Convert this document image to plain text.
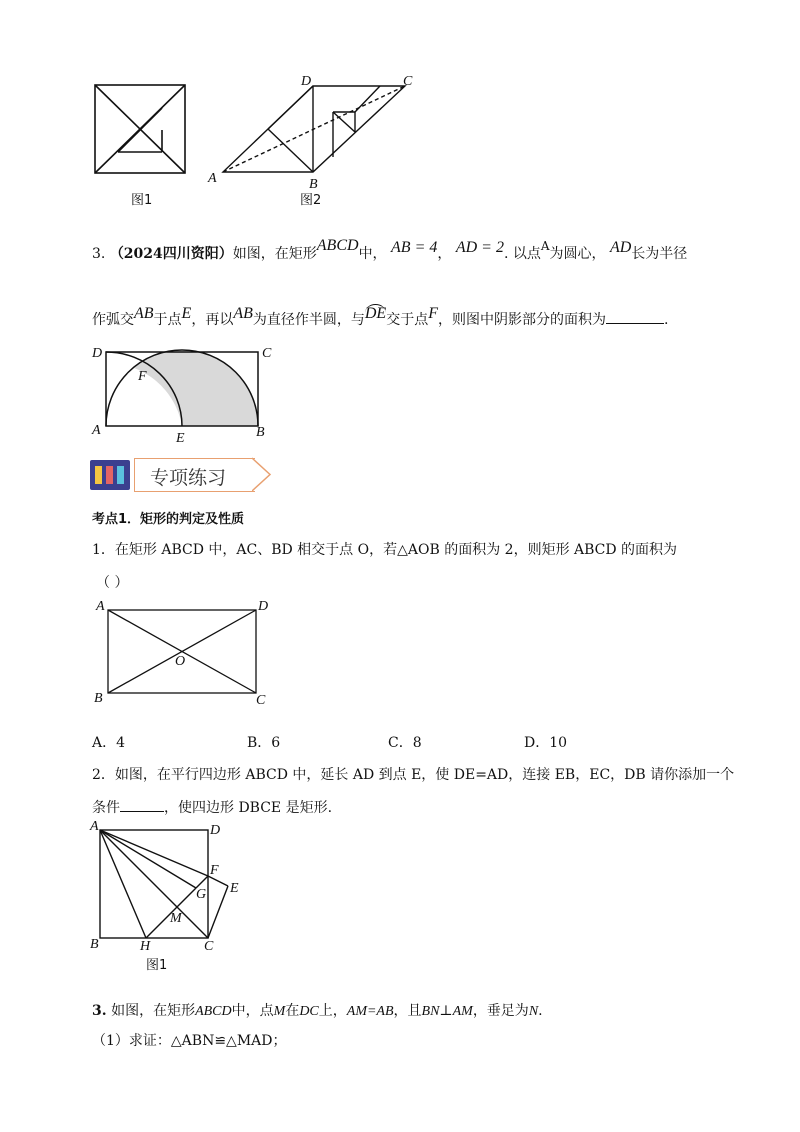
图1
A	B
C
D
图2
3. （2024四川资阳）如图，在矩形ABCD中， AB = 4， AD = 2. 以点A为圆心， AD长为半径
作弧交AB于点E，再以AB为直径作半圆，与DE交于点F，则图中阴影部分的面积为	.
D	C
F
A
E	B
专项练习
考点1．矩形的判定及性质
1．在矩形 ABCD 中，AC、BD 相交于点 O，若△AOB 的面积为 2，则矩形 ABCD 的面积为
（ ）
A	D
O
B	C
A．4	B．6	C．8	D．10
2．如图，在平行四边形 ABCD 中，延长 AD 到点 E，使 DE=AD，连接 EB，EC，DB 请你添加一个
条件	，使四边形 DBCE 是矩形.
A	D
F
G E
M
B	H	C
图1
3. 如图，在矩形ABCD中，点M在DC上，AM=AB，且BN⊥AM，垂足为N.
（1）求证：△ABN≌△MAD；
